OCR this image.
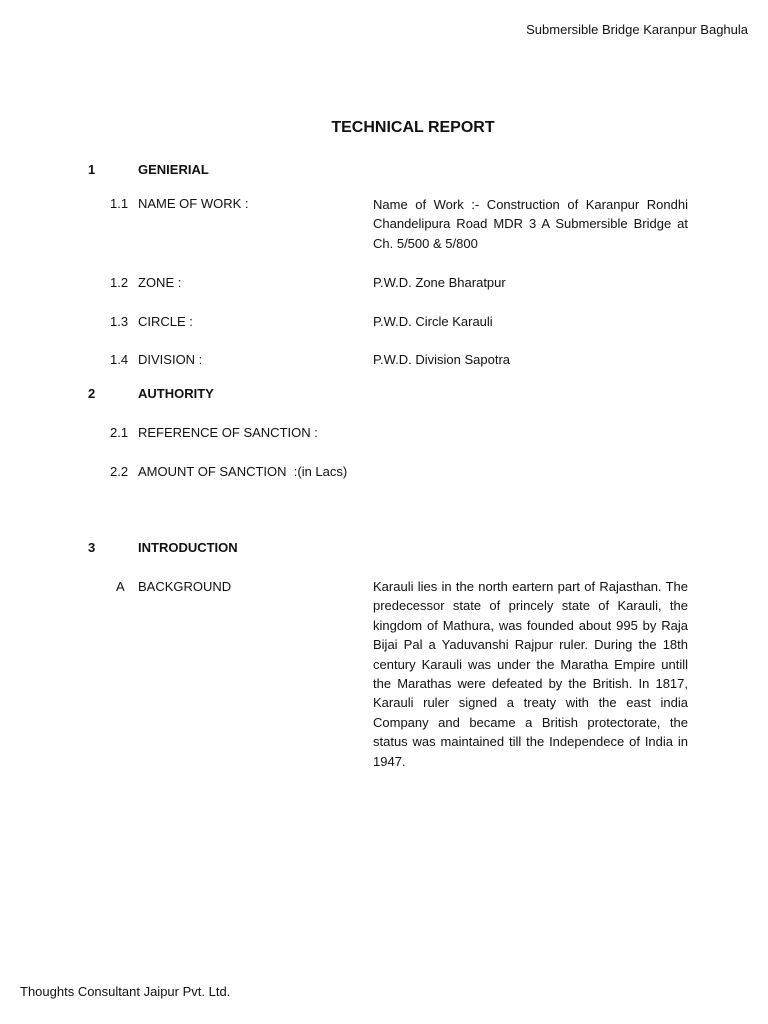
Submersible Bridge Karanpur Baghula
TECHNICAL REPORT
1	GENIERIAL
1.1 NAME OF WORK :	Name of Work :- Construction of Karanpur Rondhi Chandelipura Road MDR 3 A Submersible Bridge at Ch. 5/500 & 5/800
1.2 ZONE :	P.W.D. Zone Bharatpur
1.3 CIRCLE :	P.W.D. Circle Karauli
1.4 DIVISION :	P.W.D. Division Sapotra
2	AUTHORITY
2.1 REFERENCE OF SANCTION :
2.2 AMOUNT OF SANCTION  :(in Lacs)
3	INTRODUCTION
A BACKGROUND	Karauli lies in the north eartern part of Rajasthan. The predecessor state of princely state of Karauli, the kingdom of Mathura, was founded about 995 by Raja Bijai Pal a Yaduvanshi Rajpur ruler. During the 18th century Karauli was under the Maratha Empire untill the Marathas were defeated by the British. In 1817, Karauli ruler signed a treaty with the east india Company and became a British protectorate, the status was maintained till the Independece of India in 1947.
Thoughts Consultant Jaipur Pvt. Ltd.
